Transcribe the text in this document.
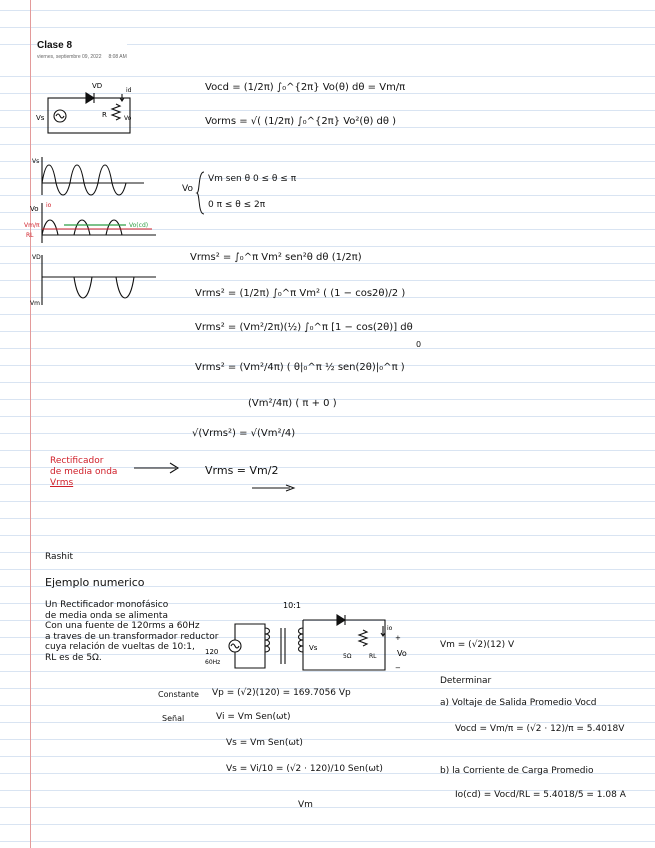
Clase 8
viernes, septiembre 09, 2022 8:08 AM
VD
id
Vs	R	Vo
Vs
Vo io
Vm/π
RL
Vo(cd)
VD
Vm
Vocd = (1/2π) ∫₀^{2π} Vo(θ) dθ = Vm/π
Vorms = √( (1/2π) ∫₀^{2π} Vo²(θ) dθ )
Vo
Vm sen θ 0 ≤ θ ≤ π
0 π ≤ θ ≤ 2π
Vrms² = ∫₀^π Vm² sen²θ dθ (1/2π)
Vrms² = (1/2π) ∫₀^π Vm² ( (1 − cos2θ)/2 )
Vrms² = (Vm²/2π)(½) ∫₀^π [1 − cos(2θ)] dθ
0
Vrms² = (Vm²/4π) ( θ|₀^π ½ sen(2θ)|₀^π )
(Vm²/4π) ( π + 0 )
√(Vrms²) = √(Vm²/4)
Vrms = Vm/2
Rectificador
de media onda
Vrms
Rashit
Ejemplo numerico
Un Rectificador monofásico
de media onda se alimenta
Con una fuente de 120rms a 60Hz
a traves de un transformador reductor
cuya relación de vueltas de 10:1,
RL es de 5Ω.
10:1
120
60Hz
Vs
5Ω	RL
io
+
Vo
−
Vm = (√2)(12) V
Constante Vp = (√2)(120) = 169.7056 Vp
Señal	Vi = Vm Sen(ωt)
Vs = Vm Sen(ωt)
Vs = Vi/10 = (√2 · 120)/10 Sen(ωt)
Vm
Determinar
a) Voltaje de Salida Promedio Vocd
Vocd = Vm/π = (√2 · 12)/π = 5.4018V
b) la Corriente de Carga Promedio
Io(cd) = Vocd/RL = 5.4018/5 = 1.08 A
